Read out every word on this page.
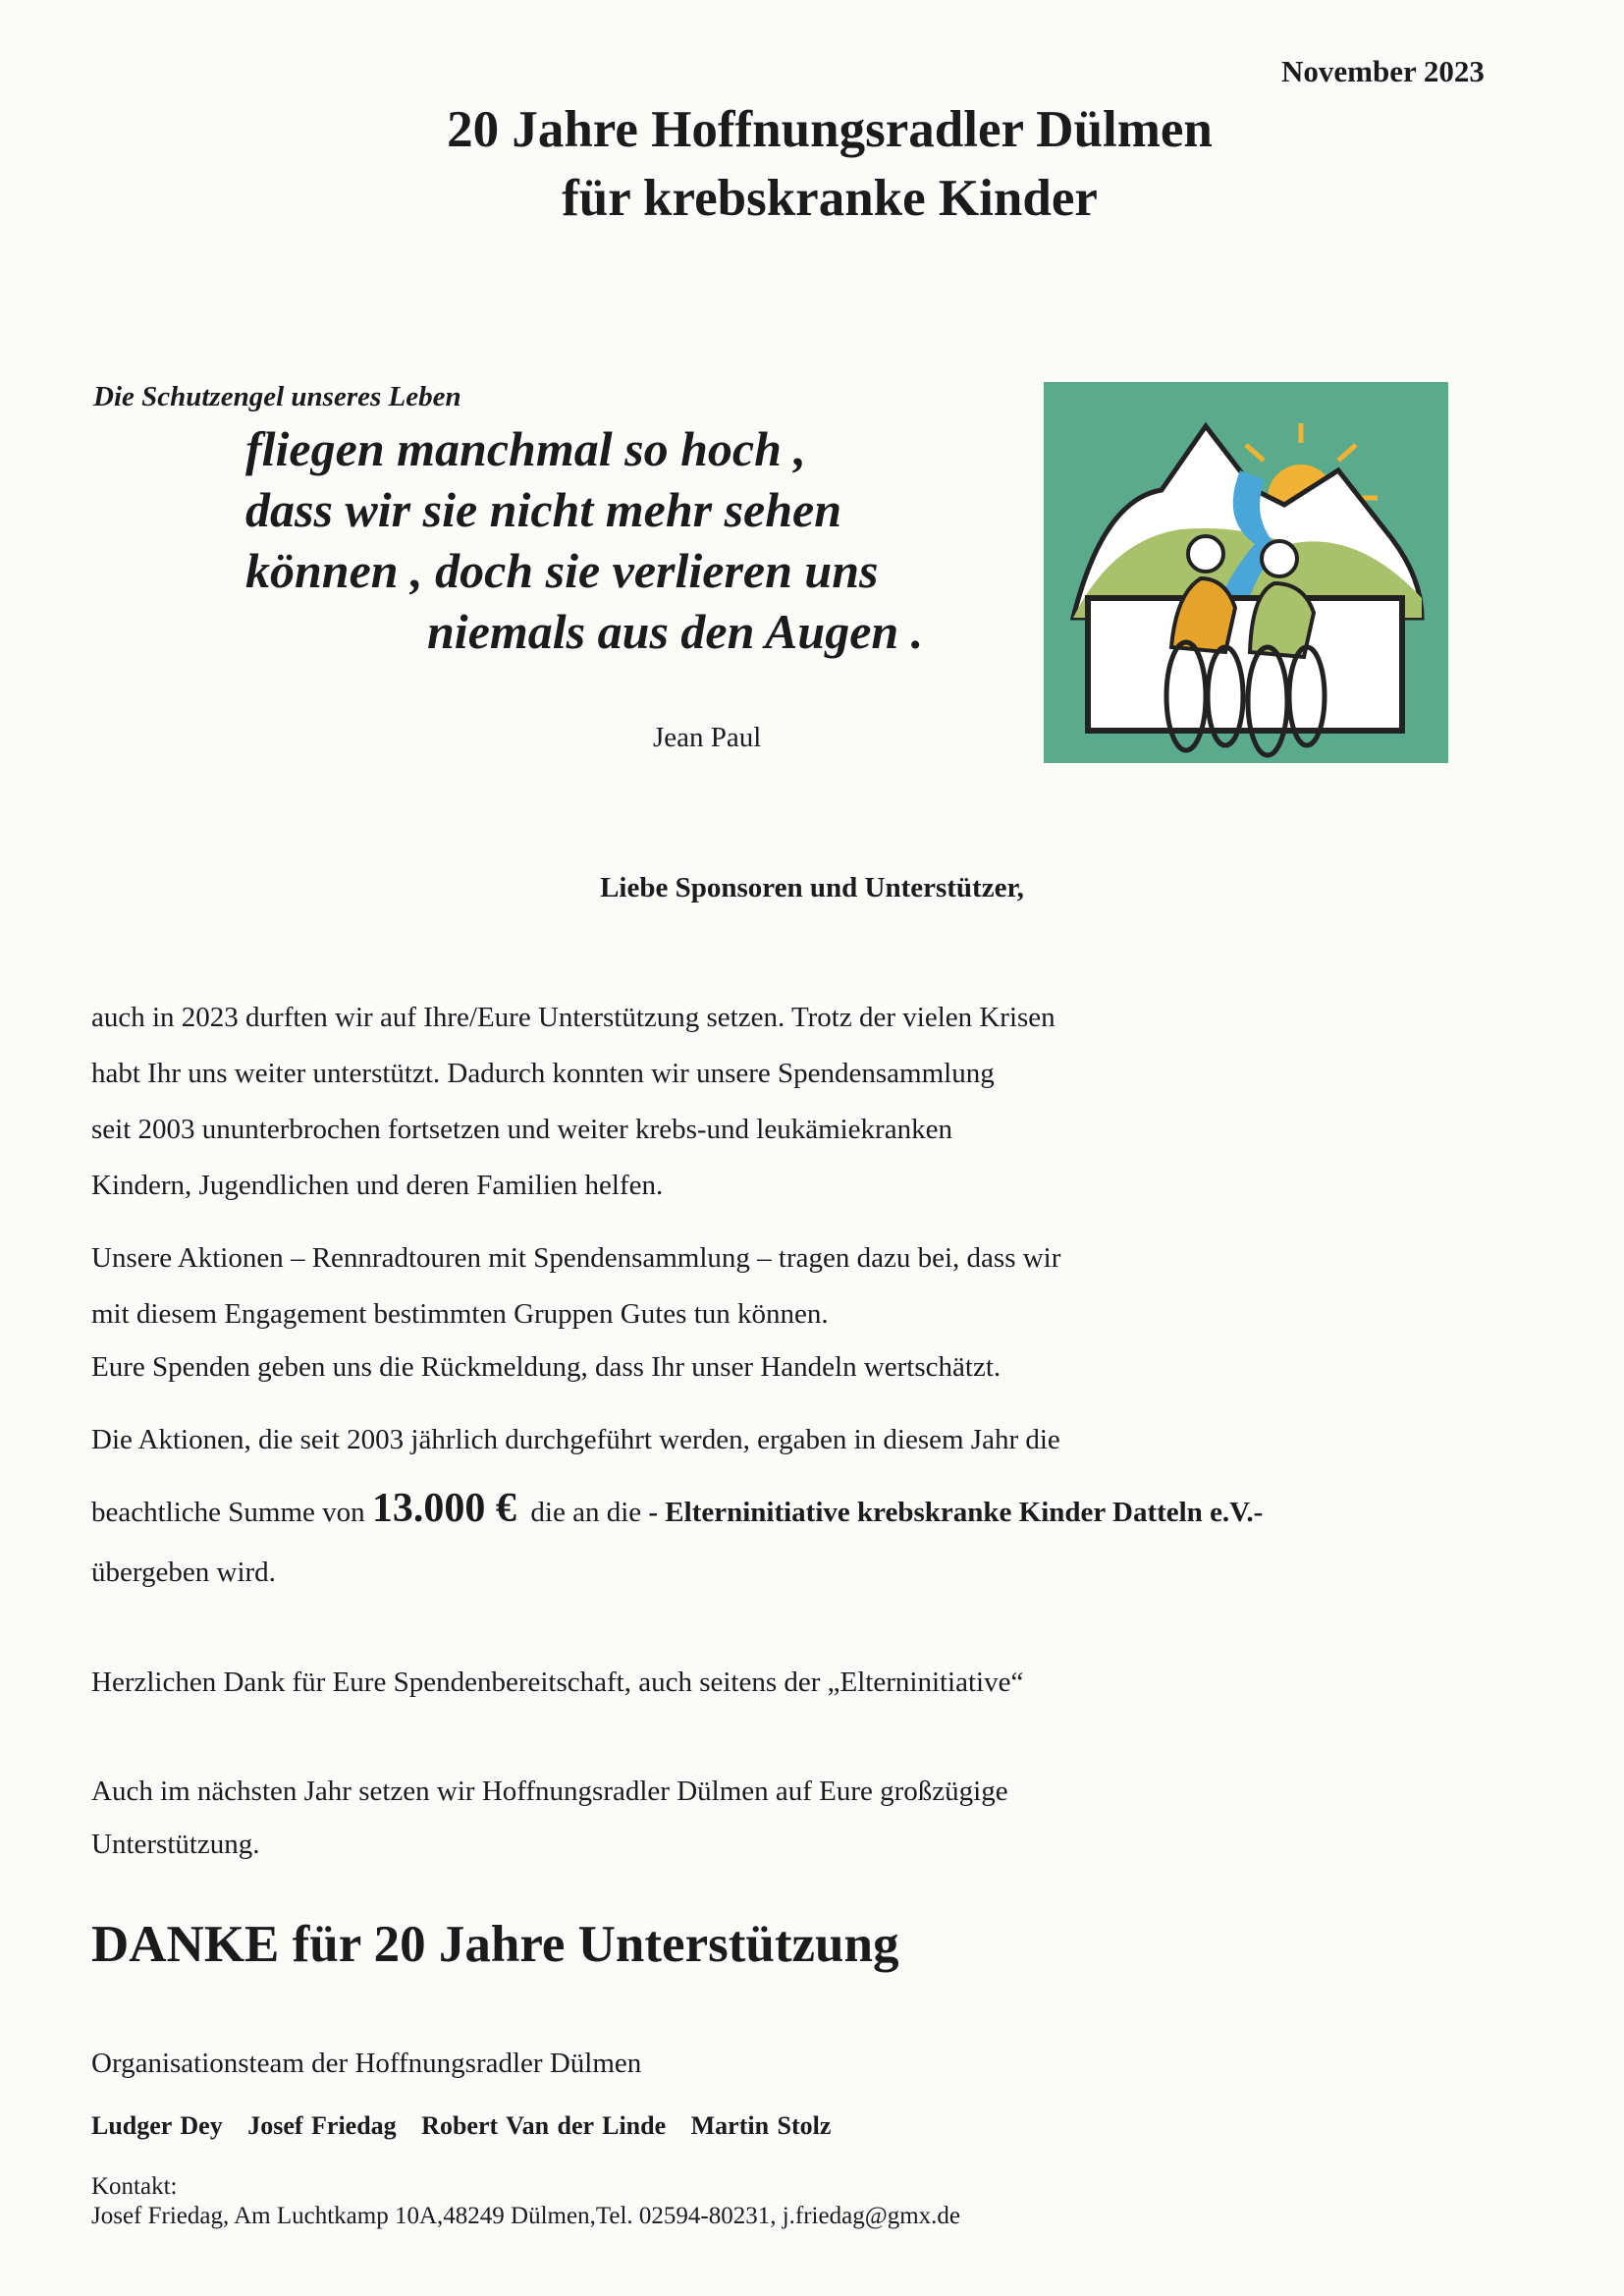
November 2023
20 Jahre Hoffnungsradler Dülmen
für krebskranke Kinder
Die Schutzengel unseres Leben
fliegen manchmal so hoch ,
dass wir sie nicht mehr sehen
können , doch sie verlieren uns
niemals aus den Augen .
Jean Paul
Liebe Sponsoren und Unterstützer,
auch in 2023 durften wir auf Ihre/Eure Unterstützung setzen. Trotz der vielen Krisen
habt Ihr uns weiter unterstützt. Dadurch konnten wir unsere Spendensammlung
seit 2003 ununterbrochen fortsetzen und weiter krebs-und leukämiekranken
Kindern, Jugendlichen und deren Familien helfen.
Unsere Aktionen – Rennradtouren mit Spendensammlung – tragen dazu bei, dass wir
mit diesem Engagement bestimmten Gruppen Gutes tun können.
Eure Spenden geben uns die Rückmeldung, dass Ihr unser Handeln wertschätzt.
Die Aktionen, die seit 2003 jährlich durchgeführt werden, ergaben in diesem Jahr die
beachtliche Summe von 13.000 € die an die - Elterninitiative krebskranke Kinder Datteln e.V.-
übergeben wird.
Herzlichen Dank für Eure Spendenbereitschaft, auch seitens der „Elterninitiative“
Auch im nächsten Jahr setzen wir Hoffnungsradler Dülmen auf Eure großzügige
Unterstützung.
DANKE für 20 Jahre Unterstützung
Organisationsteam der Hoffnungsradler Dülmen
Ludger Dey Josef Friedag Robert Van der Linde Martin Stolz
Kontakt:
Josef Friedag, Am Luchtkamp 10A,48249 Dülmen,Tel. 02594-80231, j.friedag@gmx.de
